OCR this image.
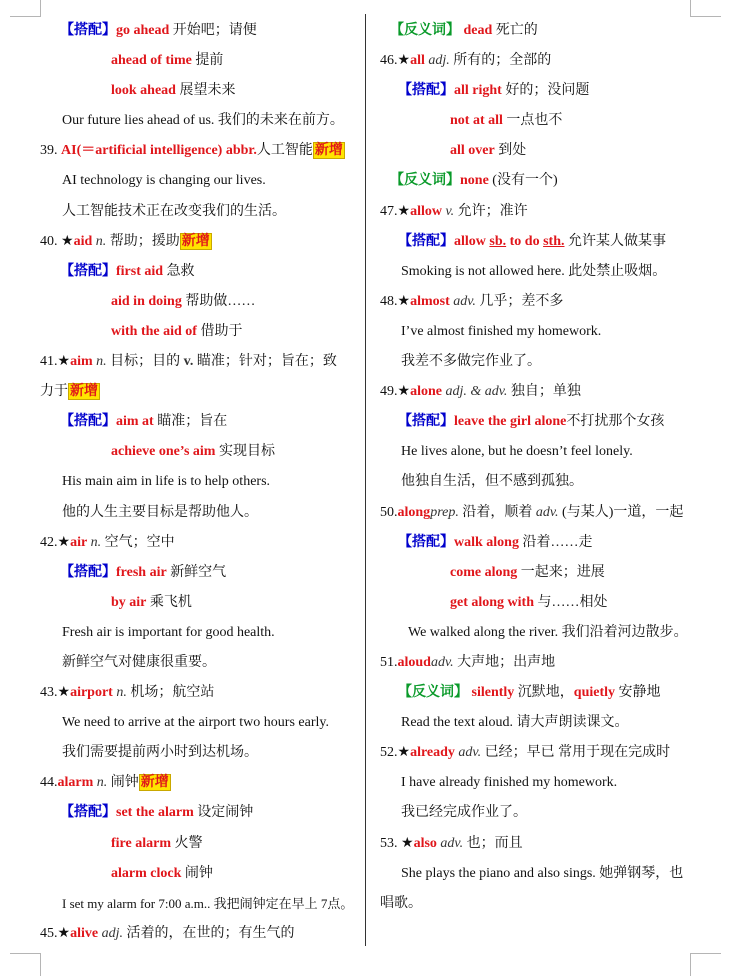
【搭配】go ahead 开始吧；请便
ahead of time 提前
look ahead 展望未来
Our future lies ahead of us. 我们的未来在前方。
39. AI(＝artificial intelligence) abbr.人工智能 新增
AI technology is changing our lives.
人工智能技术正在改变我们的生活。
40. ★aid n. 帮助；援助 新增
【搭配】first aid 急救
aid in doing 帮助做……
with the aid of 借助于
41.★aim n. 目标；目的 v. 瞄准；针对；旨在；致
力于 新增
【搭配】aim at 瞄准；旨在
achieve one’s aim 实现目标
His main aim in life is to help others.
他的人生主要目标是帮助他人。
42.★air n. 空气；空中
【搭配】fresh air 新鲜空气
by air 乘飞机
Fresh air is important for good health.
新鲜空气对健康很重要。
43.★airport n. 机场；航空站
We need to arrive at the airport two hours early.
我们需要提前两小时到达机场。
44.alarm n. 闹钟 新增
【搭配】set the alarm 设定闹钟
fire alarm 火警
alarm clock 闹钟
I set my alarm for 7:00 a.m.. 我把闹钟定在早上 7点。
45.★alive adj. 活着的，在世的；有生气的
【反义词】 dead 死亡的
46.★all adj. 所有的；全部的
【搭配】all right 好的；没问题
not at all 一点也不
all over 到处
【反义词】none (没有一个)
47.★allow v. 允许；准许
【搭配】allow sb. to do sth. 允许某人做某事
Smoking is not allowed here. 此处禁止吸烟。
48.★almost adv. 几乎；差不多
I’ve almost finished my homework.
我差不多做完作业了。
49.★alone adj. & adv. 独自；单独
【搭配】leave the girl alone不打扰那个女孩
He lives alone, but he doesn’t feel lonely.
他独自生活，但不感到孤独。
50.alongprep. 沿着，顺着 adv. (与某人)一道，一起
【搭配】walk along 沿着……走
come along 一起来；进展
get along with 与……相处
We walked along the river. 我们沿着河边散步。
51.aloudadv. 大声地；出声地
【反义词】 silently 沉默地，quietly 安静地
Read the text aloud. 请大声朗读课文。
52.★already adv. 已经；早已 常用于现在完成时
I have already finished my homework.
我已经完成作业了。
53. ★also adv. 也；而且
She plays the piano and also sings. 她弹钢琴，也
唱歌。
